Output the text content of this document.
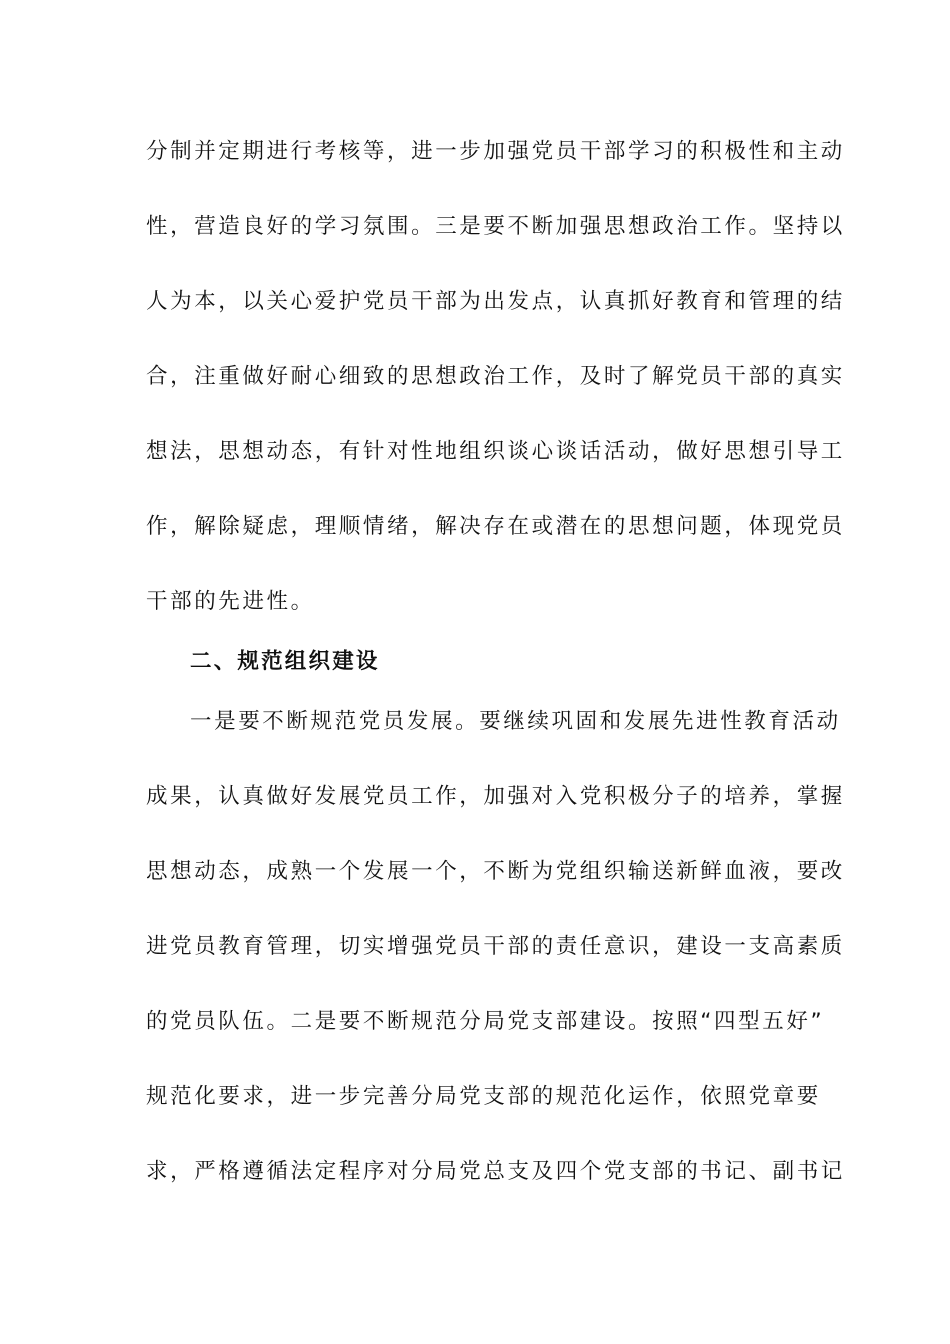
分制并定期进行考核等，进一步加强党员干部学习的积极性和主动
性，营造良好的学习氛围。三是要不断加强思想政治工作。坚持以
人为本，以关心爱护党员干部为出发点，认真抓好教育和管理的结
合，注重做好耐心细致的思想政治工作，及时了解党员干部的真实
想法，思想动态，有针对性地组织谈心谈话活动，做好思想引导工
作，解除疑虑，理顺情绪，解决存在或潜在的思想问题，体现党员
干部的先进性。
二、规范组织建设
一是要不断规范党员发展。要继续巩固和发展先进性教育活动
成果，认真做好发展党员工作，加强对入党积极分子的培养，掌握
思想动态，成熟一个发展一个，不断为党组织输送新鲜血液，要改
进党员教育管理，切实增强党员干部的责任意识，建设一支高素质
的党员队伍。二是要不断规范分局党支部建设。按照“四型五好”
规范化要求，进一步完善分局党支部的规范化运作，依照党章要
求，严格遵循法定程序对分局党总支及四个党支部的书记、副书记
